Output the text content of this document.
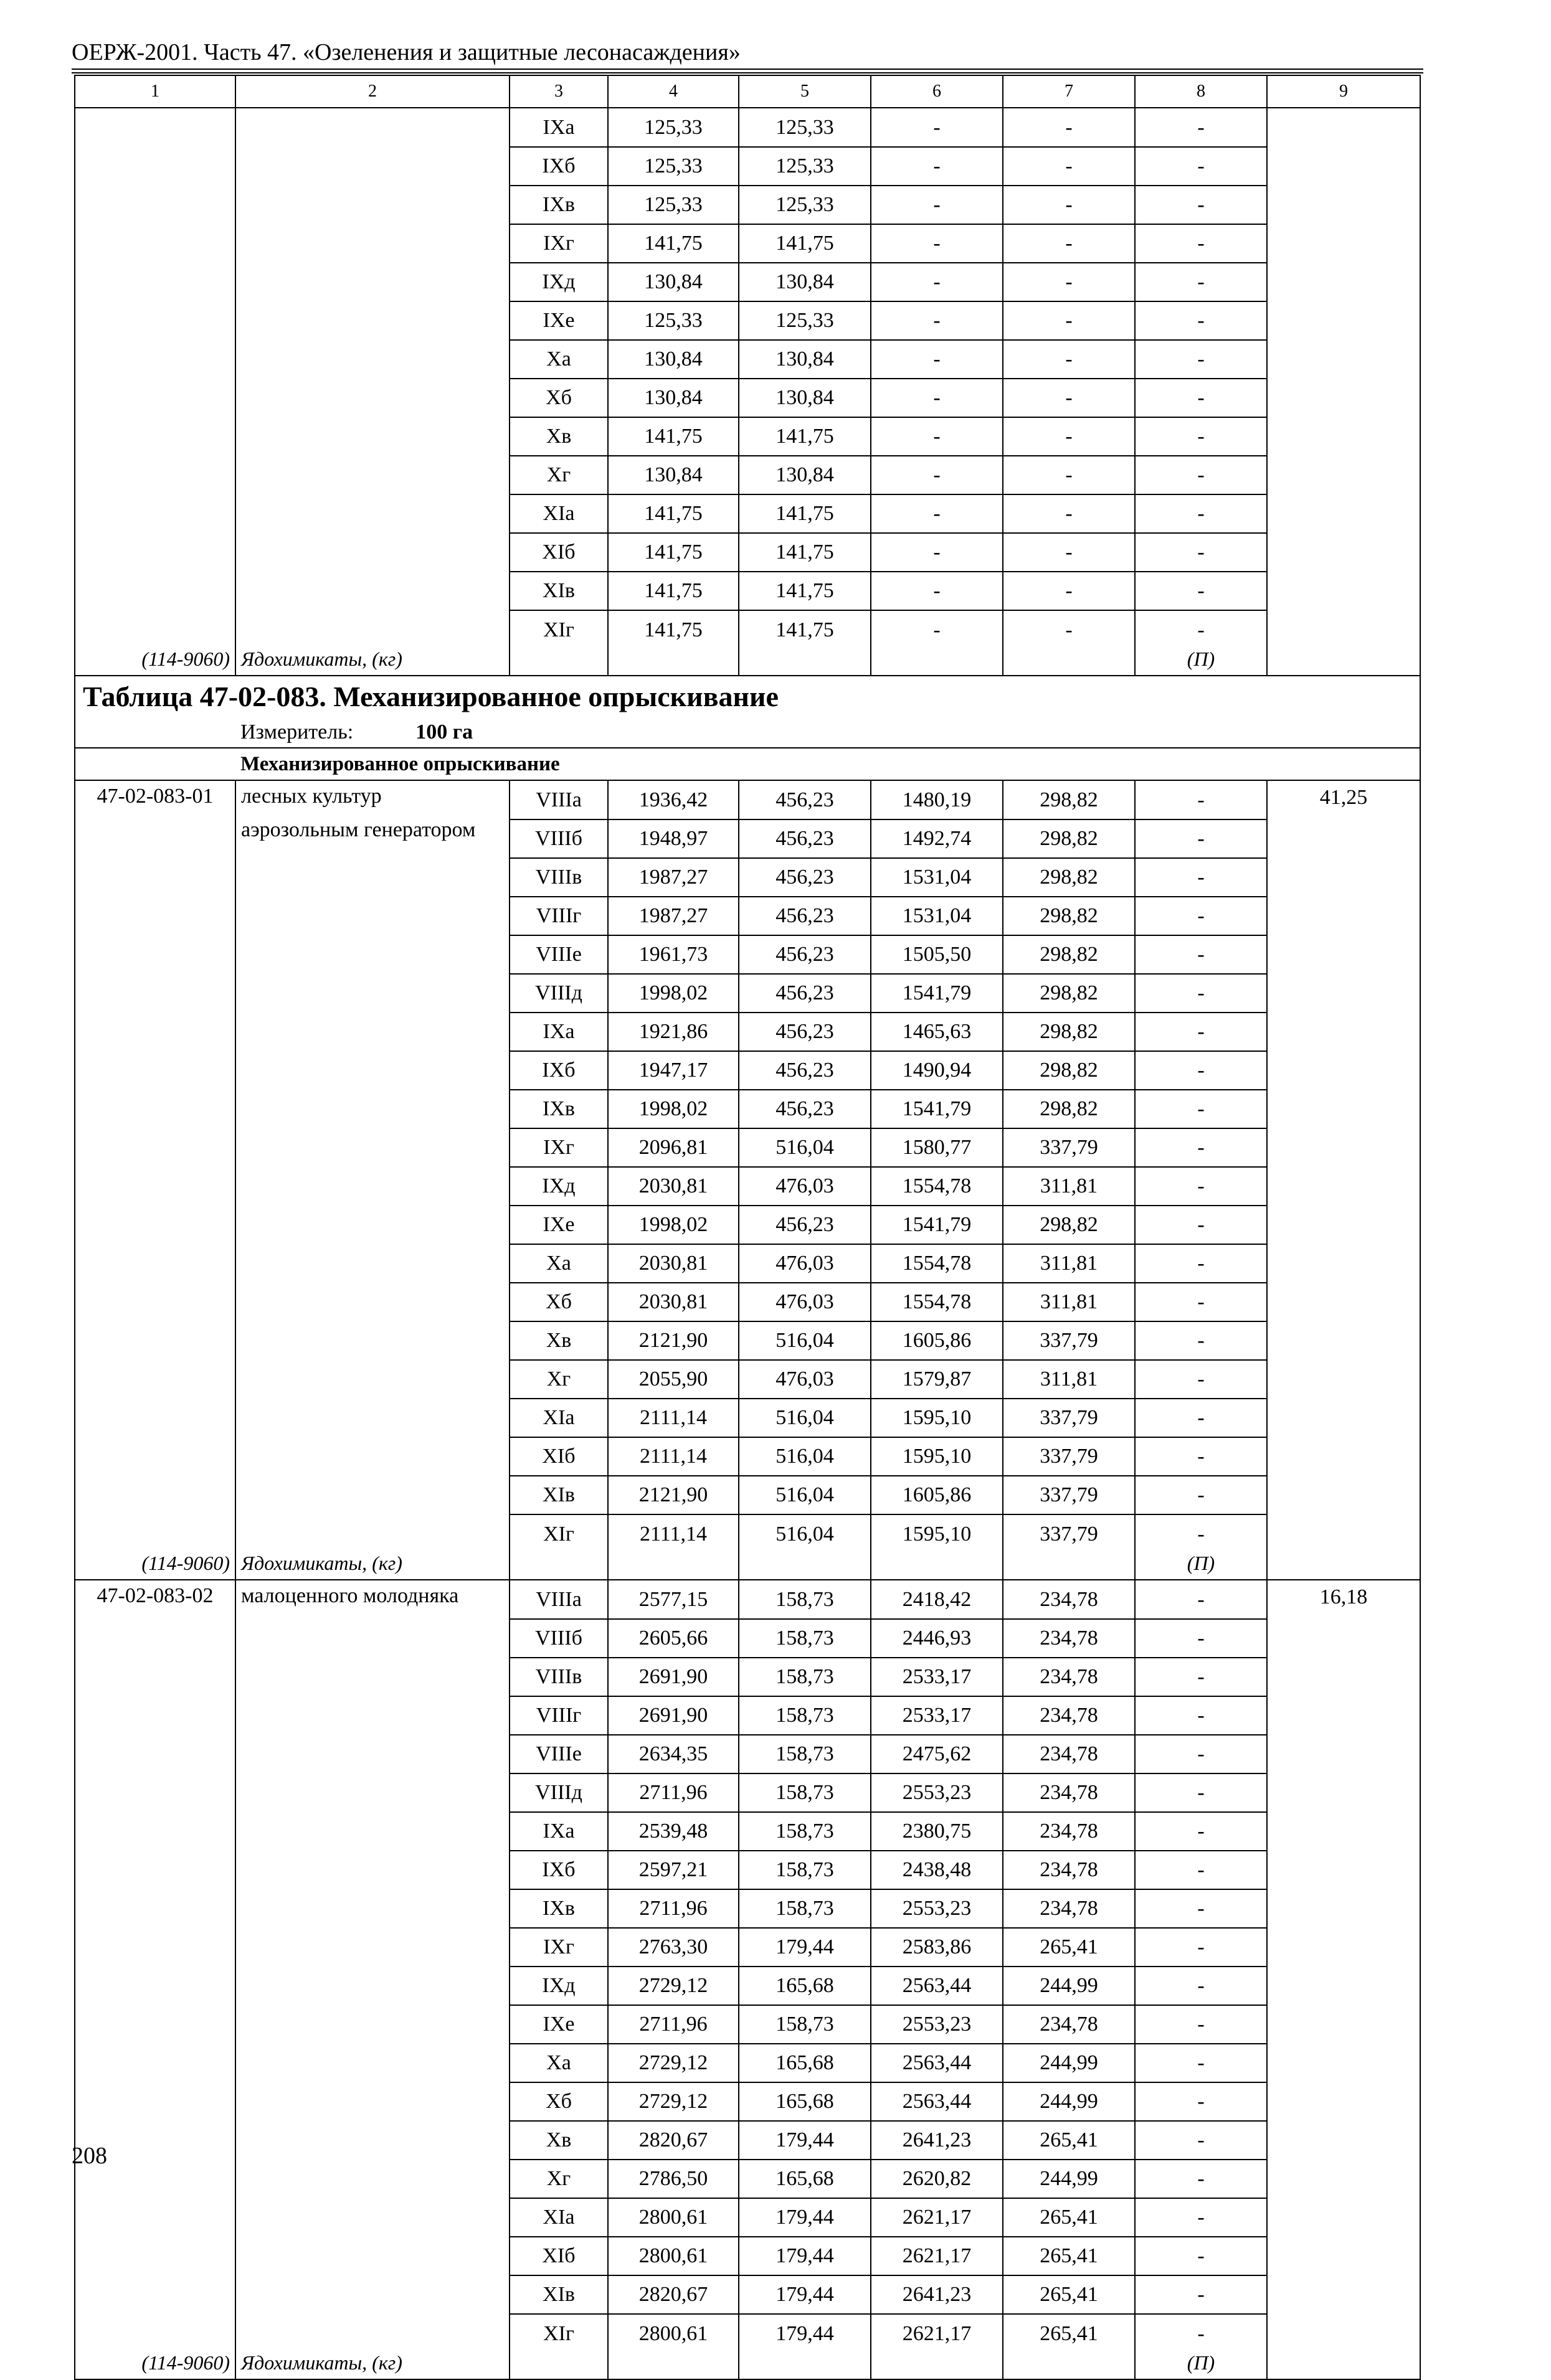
ОЕРЖ-2001. Часть 47. «Озеленения и защитные лесонасаждения»
1	2	3	4	5	6	7	8	9
		IXa	125,33	125,33	-	-	-	
		IXб	125,33	125,33	-	-	-	
		IXв	125,33	125,33	-	-	-	
		IXг	141,75	141,75	-	-	-	
		IXд	130,84	130,84	-	-	-	
		IXe	125,33	125,33	-	-	-	
		Xa	130,84	130,84	-	-	-	
		Xб	130,84	130,84	-	-	-	
		Xв	141,75	141,75	-	-	-	
		Xг	130,84	130,84	-	-	-	
		XIa	141,75	141,75	-	-	-	
		XIб	141,75	141,75	-	-	-	
		XIв	141,75	141,75	-	-	-	
		XIг	141,75	141,75	-	-	-	
(114-9060)	Ядохимикаты, (кг)						(П)	
Таблица 47-02-083. Механизированное опрыскивание								
	Измеритель: 100 га							
	Механизированное опрыскивание							
47-02-083-01	лесных культур	VIIIa	1936,42	456,23	1480,19	298,82	-	41,25
	аэрозольным генератором	VIIIб	1948,97	456,23	1492,74	298,82	-	
		VIIIв	1987,27	456,23	1531,04	298,82	-	
		VIIIг	1987,27	456,23	1531,04	298,82	-	
		VIIIe	1961,73	456,23	1505,50	298,82	-	
		VIIIд	1998,02	456,23	1541,79	298,82	-	
		IXa	1921,86	456,23	1465,63	298,82	-	
		IXб	1947,17	456,23	1490,94	298,82	-	
		IXв	1998,02	456,23	1541,79	298,82	-	
		IXг	2096,81	516,04	1580,77	337,79	-	
		IXд	2030,81	476,03	1554,78	311,81	-	
		IXe	1998,02	456,23	1541,79	298,82	-	
		Xa	2030,81	476,03	1554,78	311,81	-	
		Xб	2030,81	476,03	1554,78	311,81	-	
		Xв	2121,90	516,04	1605,86	337,79	-	
		Xг	2055,90	476,03	1579,87	311,81	-	
		XIa	2111,14	516,04	1595,10	337,79	-	
		XIб	2111,14	516,04	1595,10	337,79	-	
		XIв	2121,90	516,04	1605,86	337,79	-	
		XIг	2111,14	516,04	1595,10	337,79	-	
(114-9060)	Ядохимикаты, (кг)						(П)	
47-02-083-02	малоценного молодняка	VIIIa	2577,15	158,73	2418,42	234,78	-	16,18
		VIIIб	2605,66	158,73	2446,93	234,78	-	
		VIIIв	2691,90	158,73	2533,17	234,78	-	
		VIIIг	2691,90	158,73	2533,17	234,78	-	
		VIIIe	2634,35	158,73	2475,62	234,78	-	
		VIIIд	2711,96	158,73	2553,23	234,78	-	
		IXa	2539,48	158,73	2380,75	234,78	-	
		IXб	2597,21	158,73	2438,48	234,78	-	
		IXв	2711,96	158,73	2553,23	234,78	-	
		IXг	2763,30	179,44	2583,86	265,41	-	
		IXд	2729,12	165,68	2563,44	244,99	-	
		IXe	2711,96	158,73	2553,23	234,78	-	
		Xa	2729,12	165,68	2563,44	244,99	-	
		Xб	2729,12	165,68	2563,44	244,99	-	
		Xв	2820,67	179,44	2641,23	265,41	-	
		Xг	2786,50	165,68	2620,82	244,99	-	
		XIa	2800,61	179,44	2621,17	265,41	-	
		XIб	2800,61	179,44	2621,17	265,41	-	
		XIв	2820,67	179,44	2641,23	265,41	-	
		XIг	2800,61	179,44	2621,17	265,41	-	
(114-9060)	Ядохимикаты, (кг)						(П)	
208
